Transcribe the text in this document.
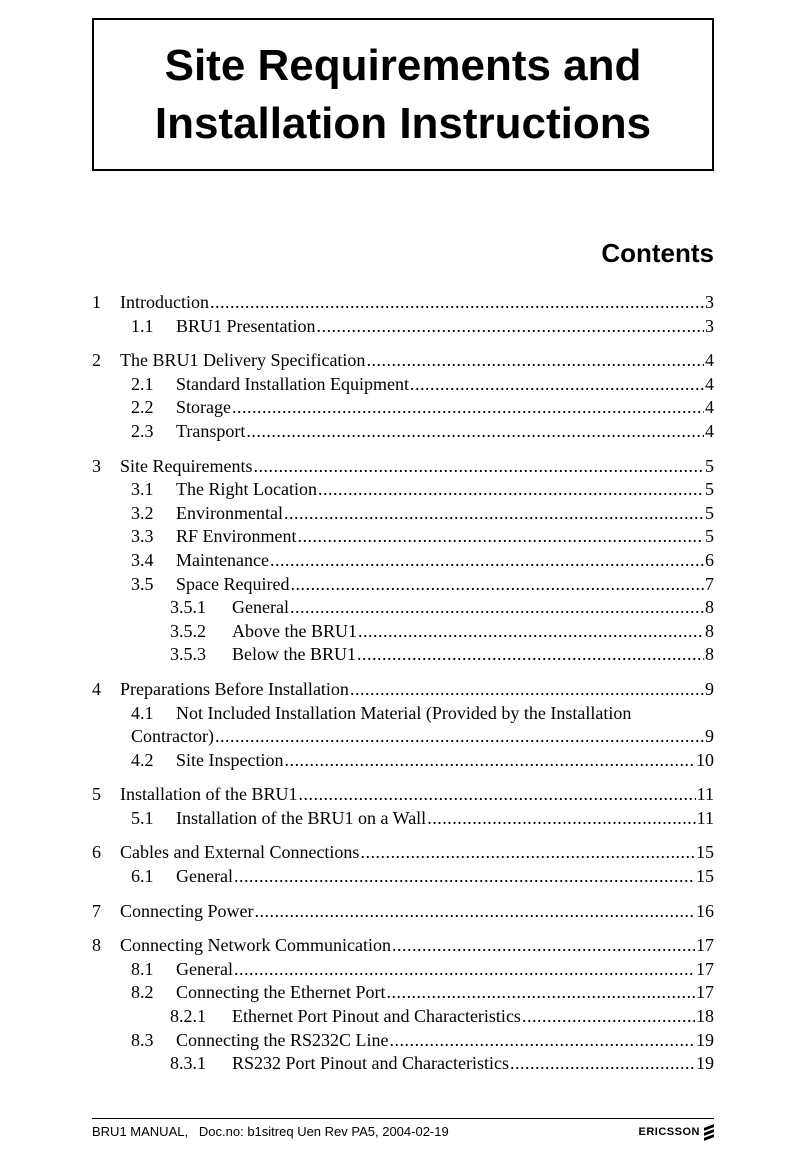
Site Requirements and
Installation Instructions
Contents
1	Introduction .....	3
1.1	BRU1 Presentation .....	3
2	The BRU1 Delivery Specification .....	4
2.1	Standard Installation Equipment .....	4
2.2	Storage .....	4
2.3	Transport .....	4
3	Site Requirements .....	5
3.1	The Right Location .....	5
3.2	Environmental .....	5
3.3	RF Environment .....	5
3.4	Maintenance .....	6
3.5	Space Required .....	7
3.5.1	General .....	8
3.5.2	Above the BRU1 .....	8
3.5.3	Below the BRU1 .....	8
4	Preparations Before Installation .....	9
4.1	Not Included Installation Material (Provided by the Installation
Contractor) .....	9
4.2	Site Inspection .....	10
5	Installation of the BRU1 .....	11
5.1	Installation of the BRU1 on a Wall .....	11
6	Cables and External Connections .....	15
6.1	General .....	15
7	Connecting Power .....	16
8	Connecting Network Communication .....	17
8.1	General .....	17
8.2	Connecting the Ethernet Port .....	17
8.2.1	Ethernet Port Pinout and Characteristics .....	18
8.3	Connecting the RS232C Line .....	19
8.3.1	RS232 Port Pinout and Characteristics .....	19
BRU1 MANUAL,   Doc.no: b1sitreq Uen Rev PA5, 2004-02-19	ERICSSON
